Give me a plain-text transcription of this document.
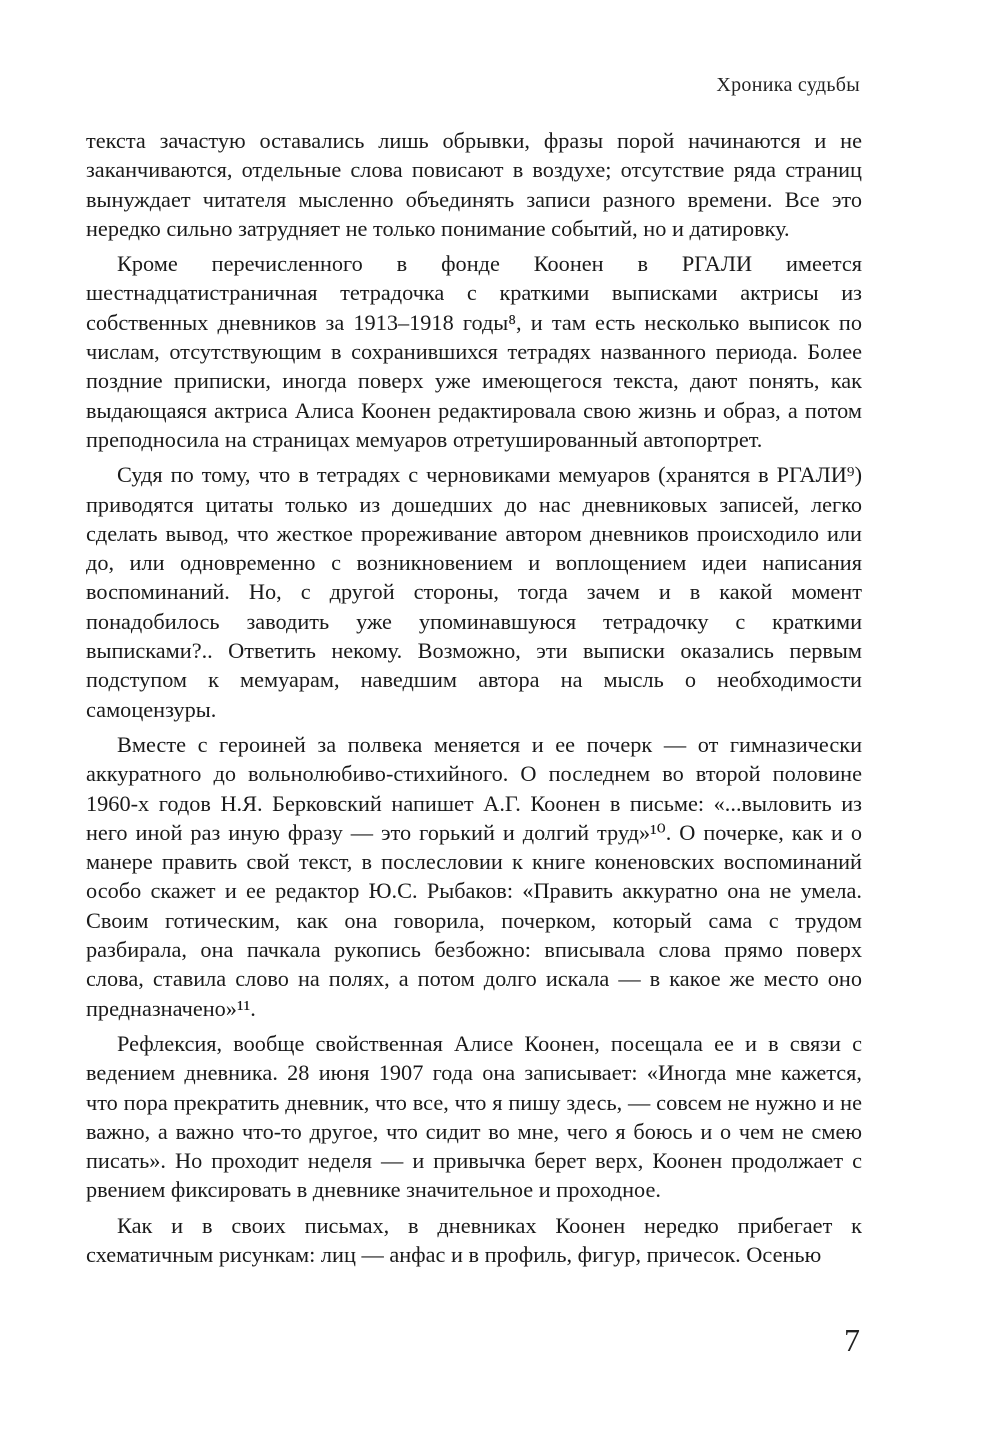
Хроника судьбы

текста зачастую оставались лишь обрывки, фразы порой начинаются и не заканчиваются, отдельные слова повисают в воздухе; отсутствие ряда страниц вынуждает читателя мысленно объединять записи разного времени. Все это нередко сильно затрудняет не только понимание событий, но и датировку.

Кроме перечисленного в фонде Коонен в РГАЛИ имеется шестнадцатистраничная тетрадочка с краткими выписками актрисы из собственных дневников за 1913–1918 годы⁸, и там есть несколько выписок по числам, отсутствующим в сохранившихся тетрадях названного периода. Более поздние приписки, иногда поверх уже имеющегося текста, дают понять, как выдающаяся актриса Алиса Коонен редактировала свою жизнь и образ, а потом преподносила на страницах мемуаров отретушированный автопортрет.

Судя по тому, что в тетрадях с черновиками мемуаров (хранятся в РГАЛИ⁹) приводятся цитаты только из дошедших до нас дневниковых записей, легко сделать вывод, что жесткое прореживание автором дневников происходило или до, или одновременно с возникновением и воплощением идеи написания воспоминаний. Но, с другой стороны, тогда зачем и в какой момент понадобилось заводить уже упоминавшуюся тетрадочку с краткими выписками?.. Ответить некому. Возможно, эти выписки оказались первым подступом к мемуарам, наведшим автора на мысль о необходимости самоцензуры.

Вместе с героиней за полвека меняется и ее почерк — от гимназически аккуратного до вольнолюбиво-стихийного. О последнем во второй половине 1960-х годов Н.Я. Берковский напишет А.Г. Коонен в письме: «...выловить из него иной раз иную фразу — это горький и долгий труд»¹⁰. О почерке, как и о манере править свой текст, в послесловии к книге коненовских воспоминаний особо скажет и ее редактор Ю.С. Рыбаков: «Править аккуратно она не умела. Своим готическим, как она говорила, почерком, который сама с трудом разбирала, она пачкала рукопись безбожно: вписывала слова прямо поверх слова, ставила слово на полях, а потом долго искала — в какое же место оно предназначено»¹¹.

Рефлексия, вообще свойственная Алисе Коонен, посещала ее и в связи с ведением дневника. 28 июня 1907 года она записывает: «Иногда мне кажется, что пора прекратить дневник, что все, что я пишу здесь, — совсем не нужно и не важно, а важно что-то другое, что сидит во мне, чего я боюсь и о чем не смею писать». Но проходит неделя — и привычка берет верх, Коонен продолжает с рвением фиксировать в дневнике значительное и проходное.

Как и в своих письмах, в дневниках Коонен нередко прибегает к схематичным рисункам: лиц — анфас и в профиль, фигур, причесок. Осенью

7
